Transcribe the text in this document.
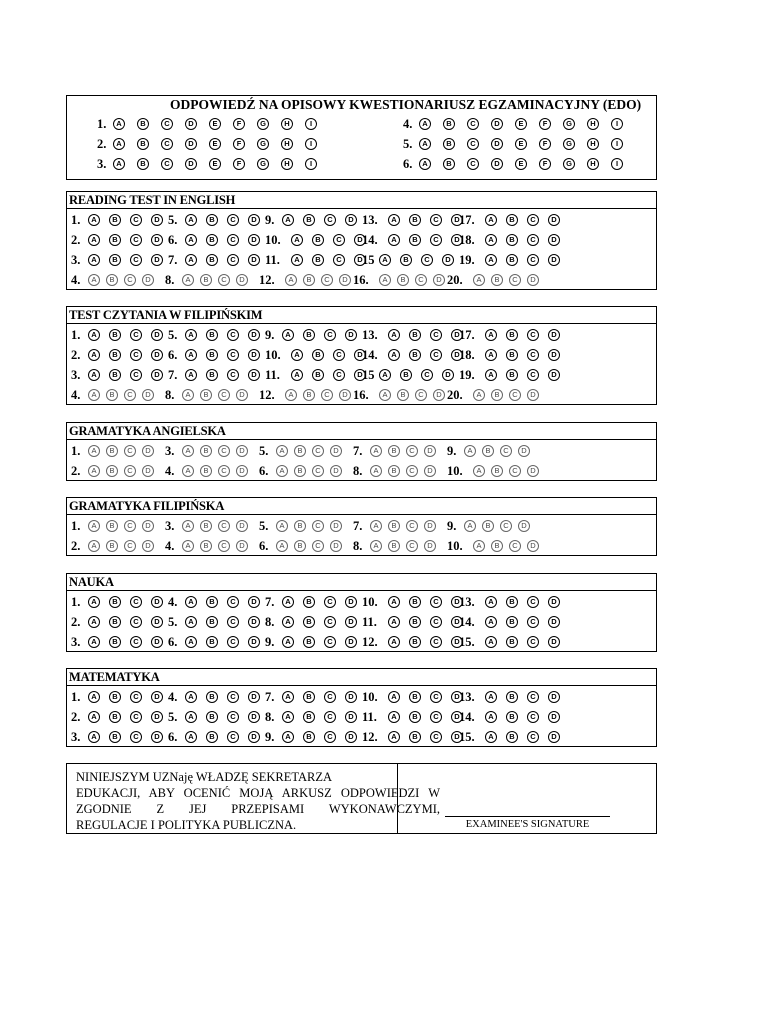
ODPOWIEDŹ NA OPISOWY KWESTIONARIUSZ EGZAMINACYJNY (EDO)
1.	A	B	C	D	E	F	G	H	I
2.	A	B	C	D	E	F	G	H	I
3.	A	B	C	D	E	F	G	H	I
4.	A	B	C	D	E	F	G	H	I
5.	A	B	C	D	E	F	G	H	I
6.	A	B	C	D	E	F	G	H	I
READING TEST IN ENGLISH
1.	A	B	C	D 5.	A	B	C	D 9.	A	B	C	D 13.	A	B	C	D 17.	A	B	C	D
2.	A	B	C	D 6.	A	B	C	D 10.	A	B	C	D 14.	A	B	C	D 18.	A	B	C	D
3.	A	B	C	D 7.	A	B	C	D 11.	A	B	C	D 15	A	B	C	D 19.	A	B	C	D
4.	A	B	C	D 8.	A	B	C	D 12.	A	B	C	D 16.	A	B	C	D 20.	A	B	C	D
TEST CZYTANIA W FILIPIŃSKIM
1.	A	B	C	D 5.	A	B	C	D 9.	A	B	C	D 13.	A	B	C	D 17.	A	B	C	D
2.	A	B	C	D 6.	A	B	C	D 10.	A	B	C	D 14.	A	B	C	D 18.	A	B	C	D
3.	A	B	C	D 7.	A	B	C	D 11.	A	B	C	D 15	A	B	C	D 19.	A	B	C	D
4.	A	B	C	D 8.	A	B	C	D 12.	A	B	C	D 16.	A	B	C	D 20.	A	B	C	D
GRAMATYKA ANGIELSKA
1.	A	B	C	D 3.	A	B	C	D 5.	A	B	C	D 7.	A	B	C	D 9.	A	B	C	D
2.	A	B	C	D 4.	A	B	C	D 6.	A	B	C	D 8.	A	B	C	D 10.	A	B	C	D
GRAMATYKA FILIPIŃSKA
1.	A	B	C	D 3.	A	B	C	D 5.	A	B	C	D 7.	A	B	C	D 9.	A	B	C	D
2.	A	B	C	D 4.	A	B	C	D 6.	A	B	C	D 8.	A	B	C	D 10.	A	B	C	D
NAUKA
1.	A	B	C	D 4.	A	B	C	D 7.	A	B	C	D 10.	A	B	C	D 13.	A	B	C	D
2.	A	B	C	D 5.	A	B	C	D 8.	A	B	C	D 11.	A	B	C	D 14.	A	B	C	D
3.	A	B	C	D 6.	A	B	C	D 9.	A	B	C	D 12.	A	B	C	D 15.	A	B	C	D
MATEMATYKA
1.	A	B	C	D 4.	A	B	C	D 7.	A	B	C	D 10.	A	B	C	D 13.	A	B	C	D
2.	A	B	C	D 5.	A	B	C	D 8.	A	B	C	D 11.	A	B	C	D 14.	A	B	C	D
3.	A	B	C	D 6.	A	B	C	D 9.	A	B	C	D 12.	A	B	C	D 15.	A	B	C	D
NINIEJSZYM UZNaję WŁADZĘ SEKRETARZA
EDUKACJI, ABY OCENIĆ MOJĄ ARKUSZ ODPOWIEDZI W
ZGODNIE Z JEJ PRZEPISAMI WYKONAWCZYMI,
REGULACJE I POLITYKA PUBLICZNA.	EXAMINEE'S SIGNATURE
